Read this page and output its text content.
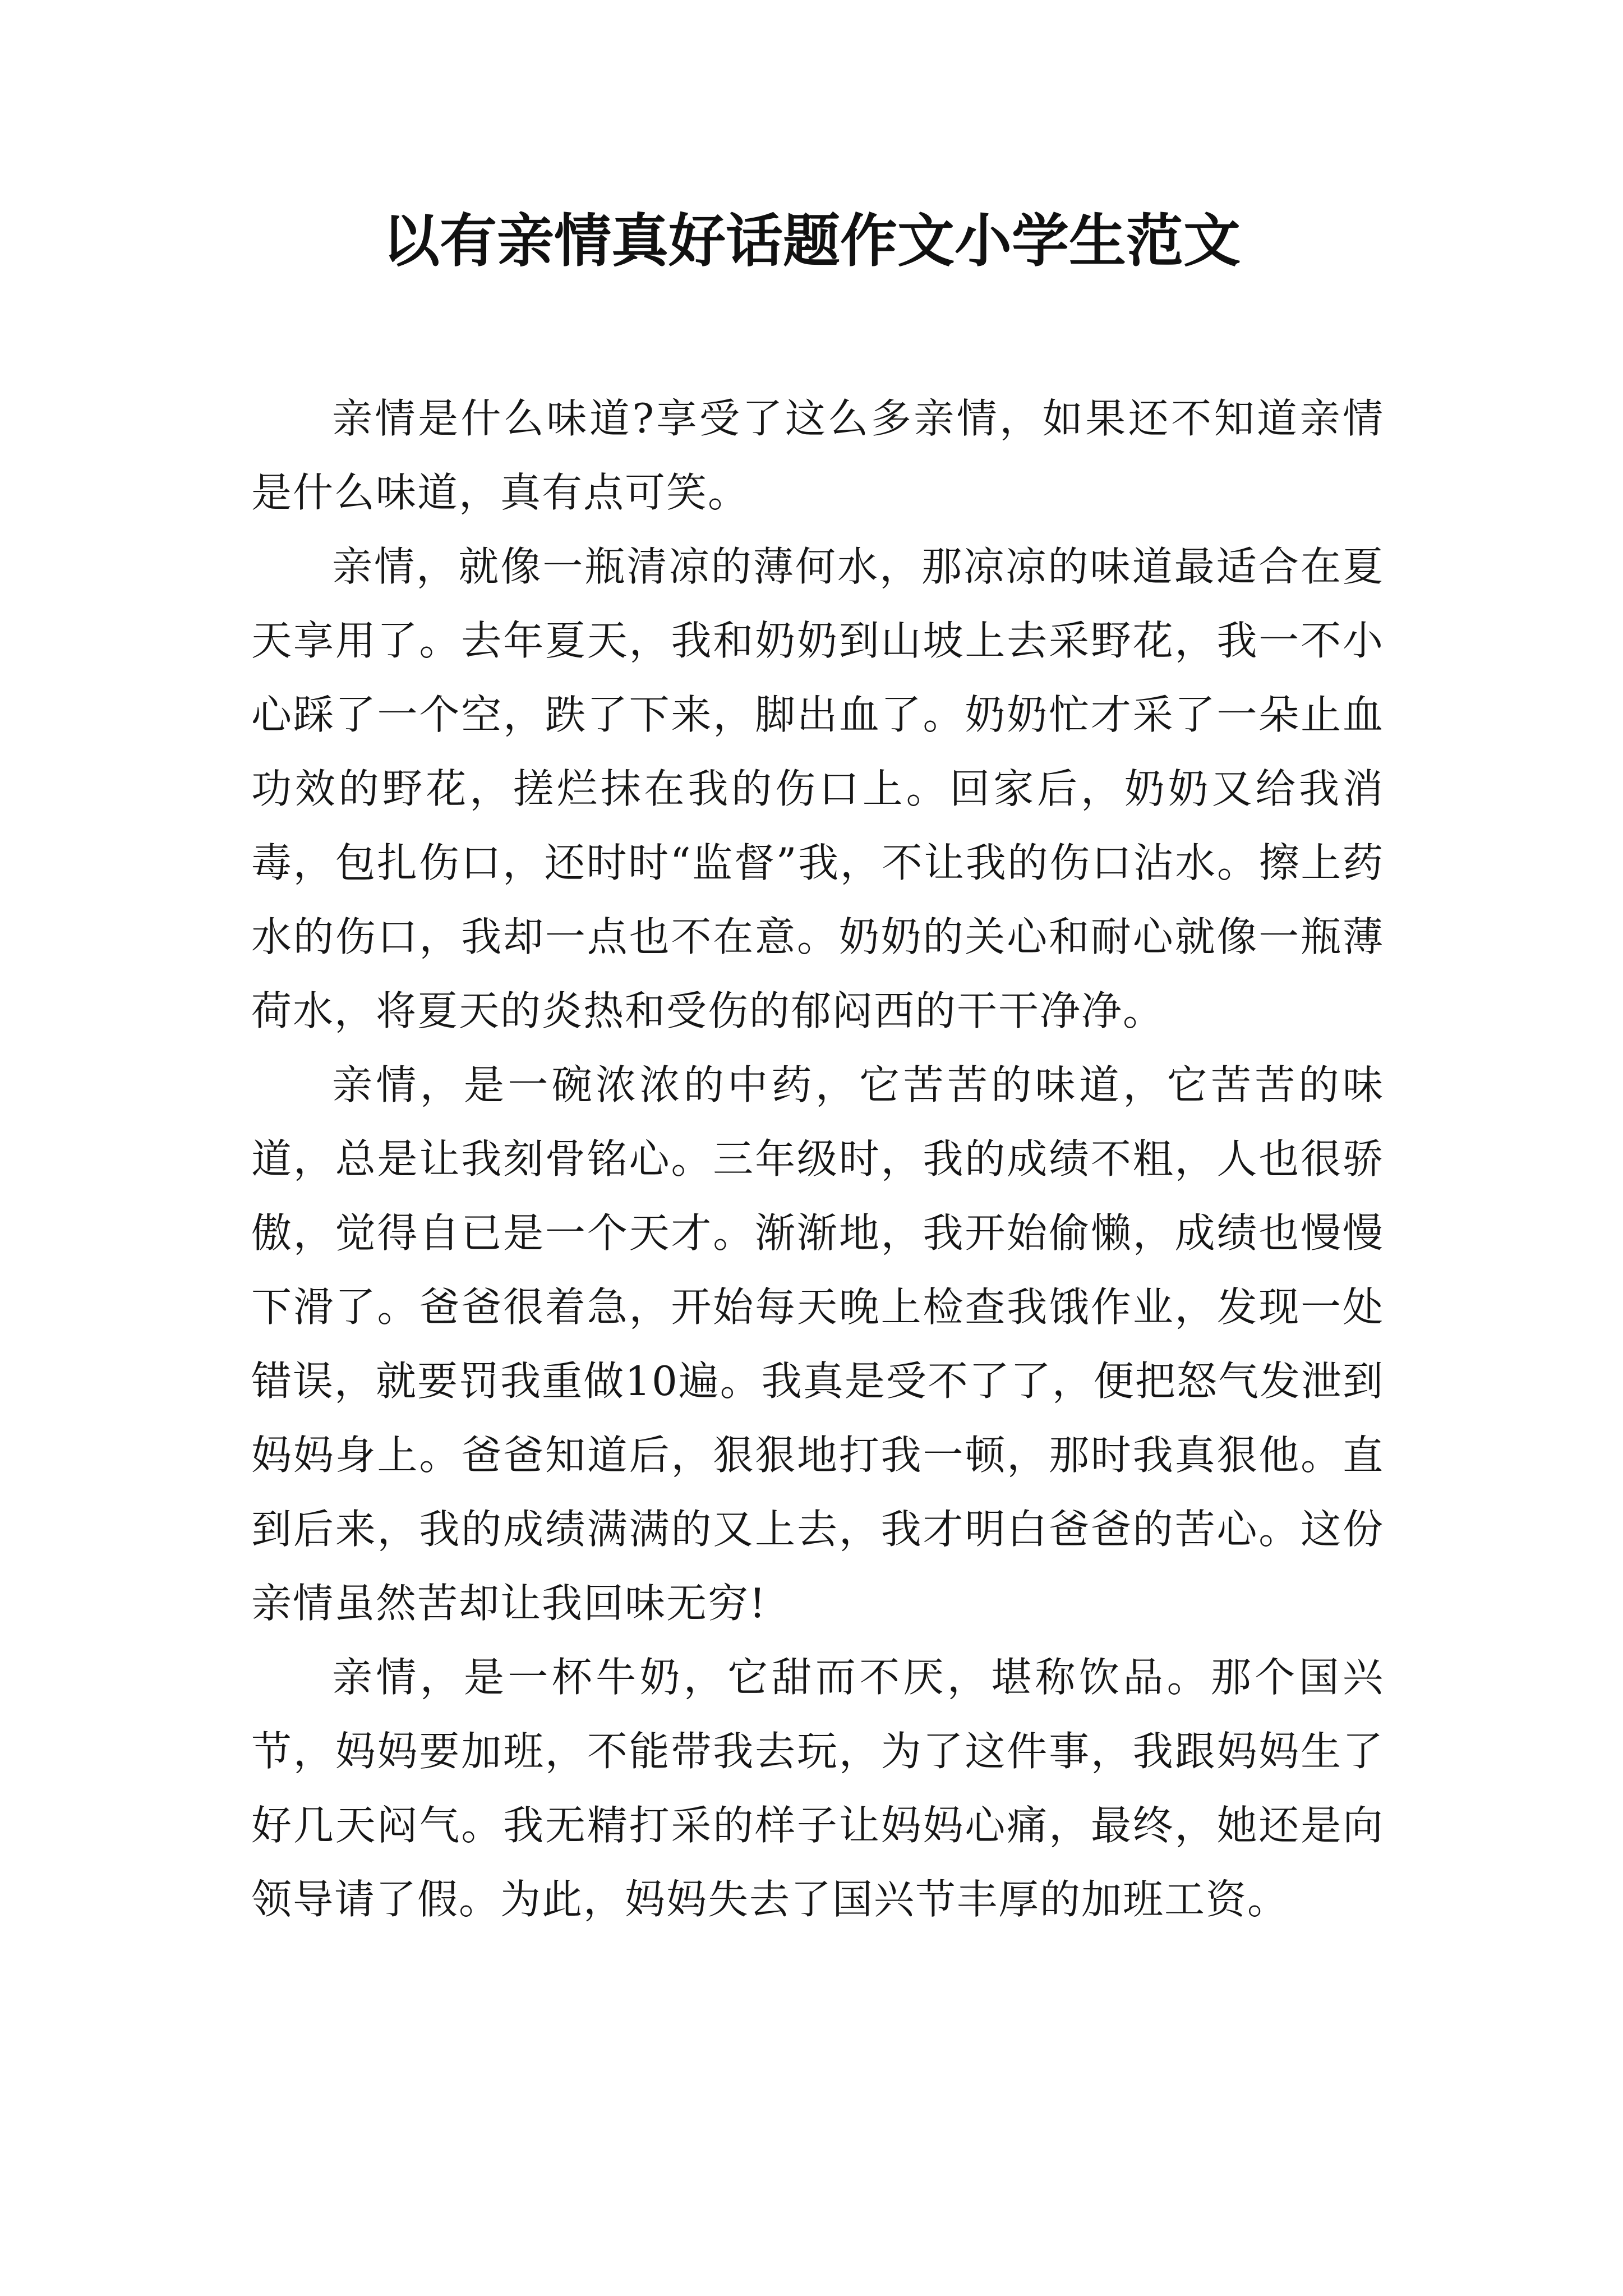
以有亲情真好话题作文小学生范文

亲情是什么味道?享受了这么多亲情，如果还不知道亲情是什么味道，真有点可笑。

亲情，就像一瓶清凉的薄何水，那凉凉的味道最适合在夏天享用了。去年夏天，我和奶奶到山坡上去采野花，我一不小心踩了一个空，跌了下来，脚出血了。奶奶忙才采了一朵止血功效的野花，搓烂抹在我的伤口上。回家后，奶奶又给我消毒，包扎伤口，还时时“监督”我，不让我的伤口沾水。擦上药水的伤口，我却一点也不在意。奶奶的关心和耐心就像一瓶薄荷水，将夏天的炎热和受伤的郁闷西的干干净净。

亲情，是一碗浓浓的中药，它苦苦的味道，它苦苦的味道，总是让我刻骨铭心。三年级时，我的成绩不粗，人也很骄傲，觉得自已是一个天才。渐渐地，我开始偷懒，成绩也慢慢下滑了。爸爸很着急，开始每天晚上检查我饿作业，发现一处错误，就要罚我重做10遍。我真是受不了了，便把怒气发泄到妈妈身上。爸爸知道后，狠狠地打我一顿，那时我真狠他。直到后来，我的成绩满满的又上去，我才明白爸爸的苦心。这份亲情虽然苦却让我回味无穷!

亲情，是一杯牛奶，它甜而不厌，堪称饮品。那个国兴节，妈妈要加班，不能带我去玩，为了这件事，我跟妈妈生了好几天闷气。我无精打采的样子让妈妈心痛，最终，她还是向领导请了假。为此，妈妈失去了国兴节丰厚的加班工资。
